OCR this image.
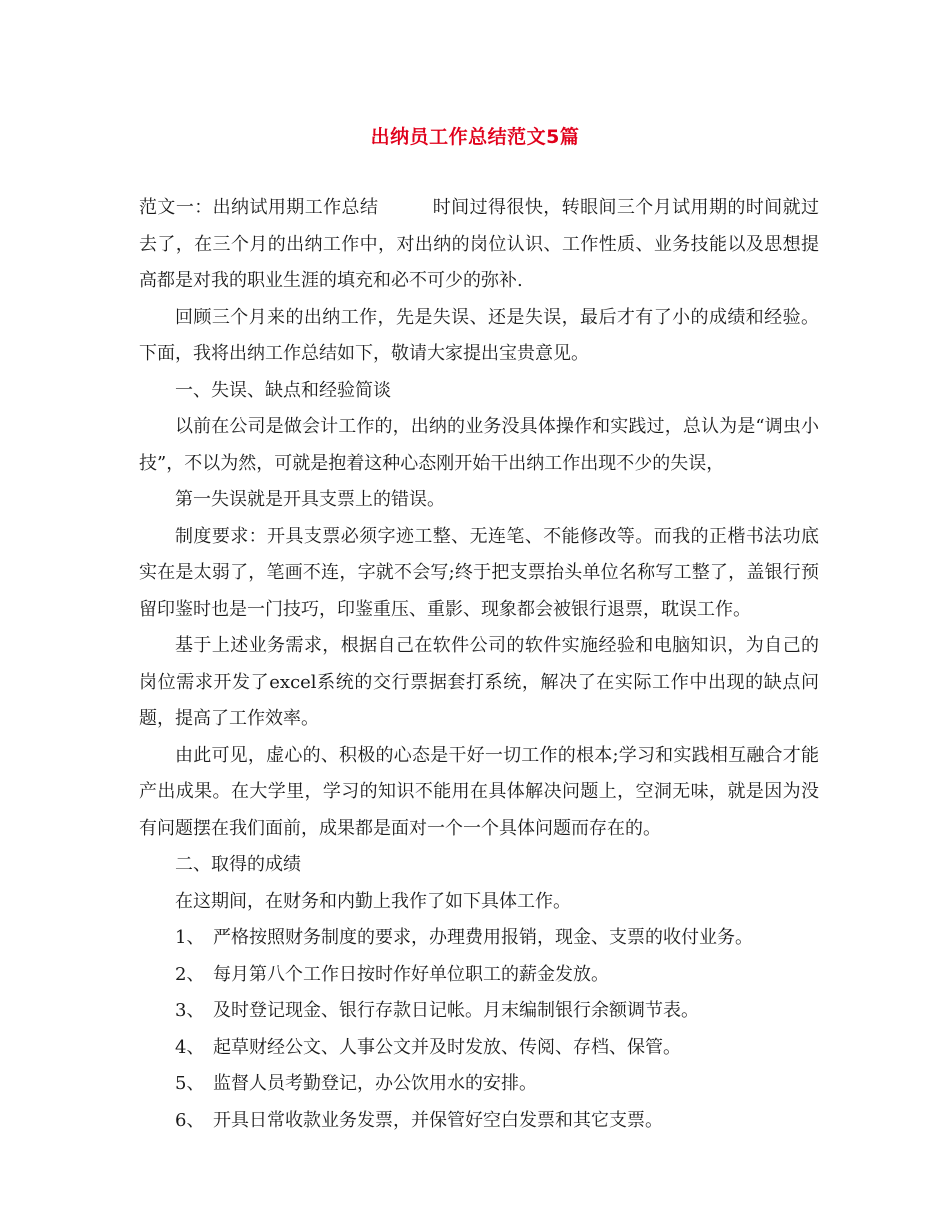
出纳员工作总结范文5篇

范文一：出纳试用期工作总结	时间过得很快，转眼间三个月试用期的时间就过去了，在三个月的出纳工作中，对出纳的岗位认识、工作性质、业务技能以及思想提高都是对我的职业生涯的填充和必不可少的弥补.

回顾三个月来的出纳工作，先是失误、还是失误，最后才有了小的成绩和经验。下面，我将出纳工作总结如下，敬请大家提出宝贵意见。

一、失误、缺点和经验简谈

以前在公司是做会计工作的，出纳的业务没具体操作和实践过，总认为是“调虫小技”，不以为然，可就是抱着这种心态刚开始干出纳工作出现不少的失误，

第一失误就是开具支票上的错误。

制度要求：开具支票必须字迹工整、无连笔、不能修改等。而我的正楷书法功底实在是太弱了，笔画不连，字就不会写;终于把支票抬头单位名称写工整了，盖银行预留印鉴时也是一门技巧，印鉴重压、重影、现象都会被银行退票，耽误工作。

基于上述业务需求，根据自己在软件公司的软件实施经验和电脑知识，为自己的岗位需求开发了excel系统的交行票据套打系统，解决了在实际工作中出现的缺点问题，提高了工作效率。

由此可见，虚心的、积极的心态是干好一切工作的根本;学习和实践相互融合才能产出成果。在大学里，学习的知识不能用在具体解决问题上，空洞无味，就是因为没有问题摆在我们面前，成果都是面对一个一个具体问题而存在的。

二、取得的成绩

在这期间，在财务和内勤上我作了如下具体工作。

1、 严格按照财务制度的要求，办理费用报销，现金、支票的收付业务。

2、 每月第八个工作日按时作好单位职工的薪金发放。

3、 及时登记现金、银行存款日记帐。月末编制银行余额调节表。

4、 起草财经公文、人事公文并及时发放、传阅、存档、保管。

5、 监督人员考勤登记，办公饮用水的安排。

6、 开具日常收款业务发票，并保管好空白发票和其它支票。
